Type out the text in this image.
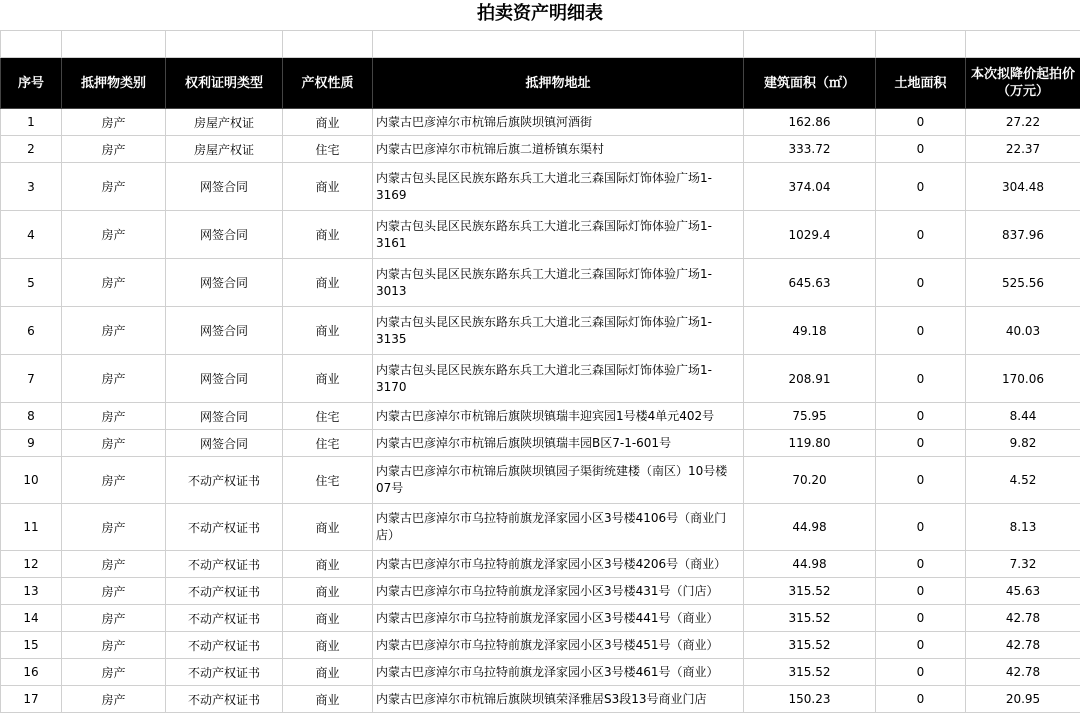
拍卖资产明细表

序号	抵押物类别	权利证明类型	产权性质	抵押物地址	建筑面积（㎡）	土地面积	本次拟降价起拍价（万元）
1	房产	房屋产权证	商业	内蒙古巴彦淖尔市杭锦后旗陕坝镇河酒街	162.86	0	27.22
2	房产	房屋产权证	住宅	内蒙古巴彦淖尔市杭锦后旗二道桥镇东渠村	333.72	0	22.37
3	房产	网签合同	商业	内蒙古包头昆区民族东路东兵工大道北三森国际灯饰体验广场1-3169	374.04	0	304.48
4	房产	网签合同	商业	内蒙古包头昆区民族东路东兵工大道北三森国际灯饰体验广场1-3161	1029.4	0	837.96
5	房产	网签合同	商业	内蒙古包头昆区民族东路东兵工大道北三森国际灯饰体验广场1-3013	645.63	0	525.56
6	房产	网签合同	商业	内蒙古包头昆区民族东路东兵工大道北三森国际灯饰体验广场1-3135	49.18	0	40.03
7	房产	网签合同	商业	内蒙古包头昆区民族东路东兵工大道北三森国际灯饰体验广场1-3170	208.91	0	170.06
8	房产	网签合同	住宅	内蒙古巴彦淖尔市杭锦后旗陕坝镇瑞丰迎宾园1号楼4单元402号	75.95	0	8.44
9	房产	网签合同	住宅	内蒙古巴彦淖尔市杭锦后旗陕坝镇瑞丰园B区7-1-601号	119.80	0	9.82
10	房产	不动产权证书	住宅	内蒙古巴彦淖尔市杭锦后旗陕坝镇园子渠街统建楼（南区）10号楼07号	70.20	0	4.52
11	房产	不动产权证书	商业	内蒙古巴彦淖尔市乌拉特前旗龙泽家园小区3号楼4106号（商业门店）	44.98	0	8.13
12	房产	不动产权证书	商业	内蒙古巴彦淖尔市乌拉特前旗龙泽家园小区3号楼4206号（商业）	44.98	0	7.32
13	房产	不动产权证书	商业	内蒙古巴彦淖尔市乌拉特前旗龙泽家园小区3号楼431号（门店）	315.52	0	45.63
14	房产	不动产权证书	商业	内蒙古巴彦淖尔市乌拉特前旗龙泽家园小区3号楼441号（商业）	315.52	0	42.78
15	房产	不动产权证书	商业	内蒙古巴彦淖尔市乌拉特前旗龙泽家园小区3号楼451号（商业）	315.52	0	42.78
16	房产	不动产权证书	商业	内蒙古巴彦淖尔市乌拉特前旗龙泽家园小区3号楼461号（商业）	315.52	0	42.78
17	房产	不动产权证书	商业	内蒙古巴彦淖尔市杭锦后旗陕坝镇荣泽雅居S3段13号商业门店	150.23	0	20.95
